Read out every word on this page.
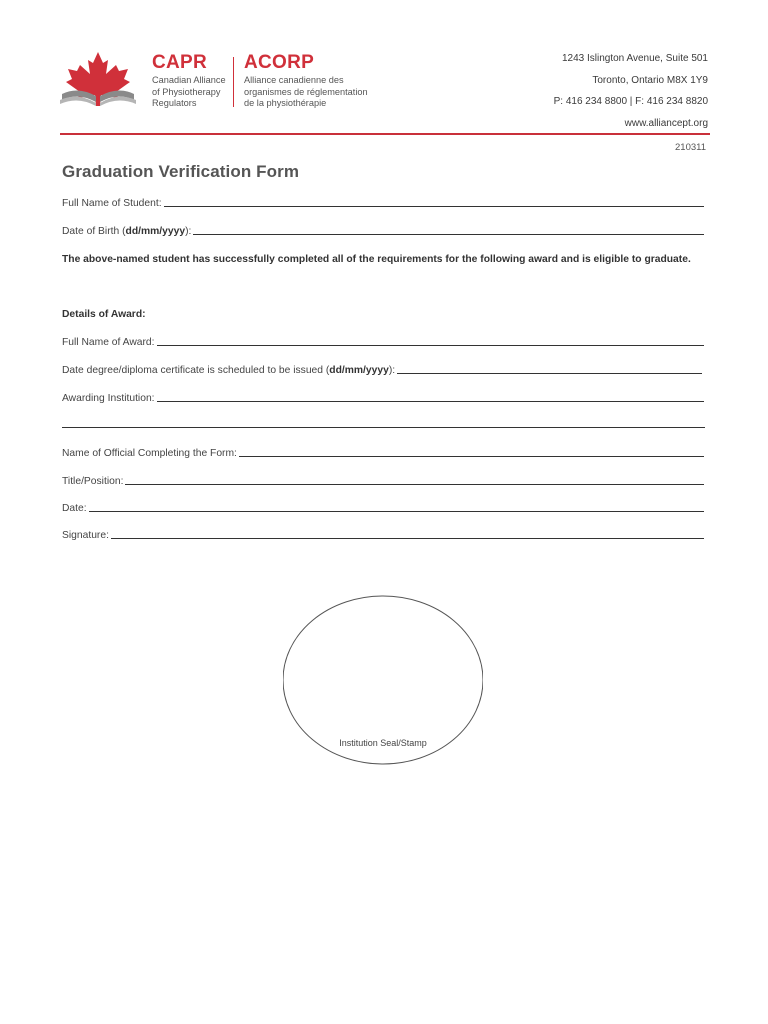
CAPR
Canadian Alliance
of Physiotherapy
Regulators
ACORP
Alliance canadienne des
organismes de réglementation
de la physiothérapie
1243 Islington Avenue, Suite 501
Toronto, Ontario M8X 1Y9
P: 416 234 8800 | F: 416 234 8820
www.alliancept.org
210311
Graduation Verification Form
Full Name of Student:
Date of Birth (dd/mm/yyyy):
The above-named student has successfully completed all of the requirements for the following award and is eligible to graduate.
Details of Award:
Full Name of Award:
Date degree/diploma certificate is scheduled to be issued (dd/mm/yyyy):
Awarding Institution:
Name of Official Completing the Form:
Title/Position:
Date:
Signature:
Institution Seal/Stamp
